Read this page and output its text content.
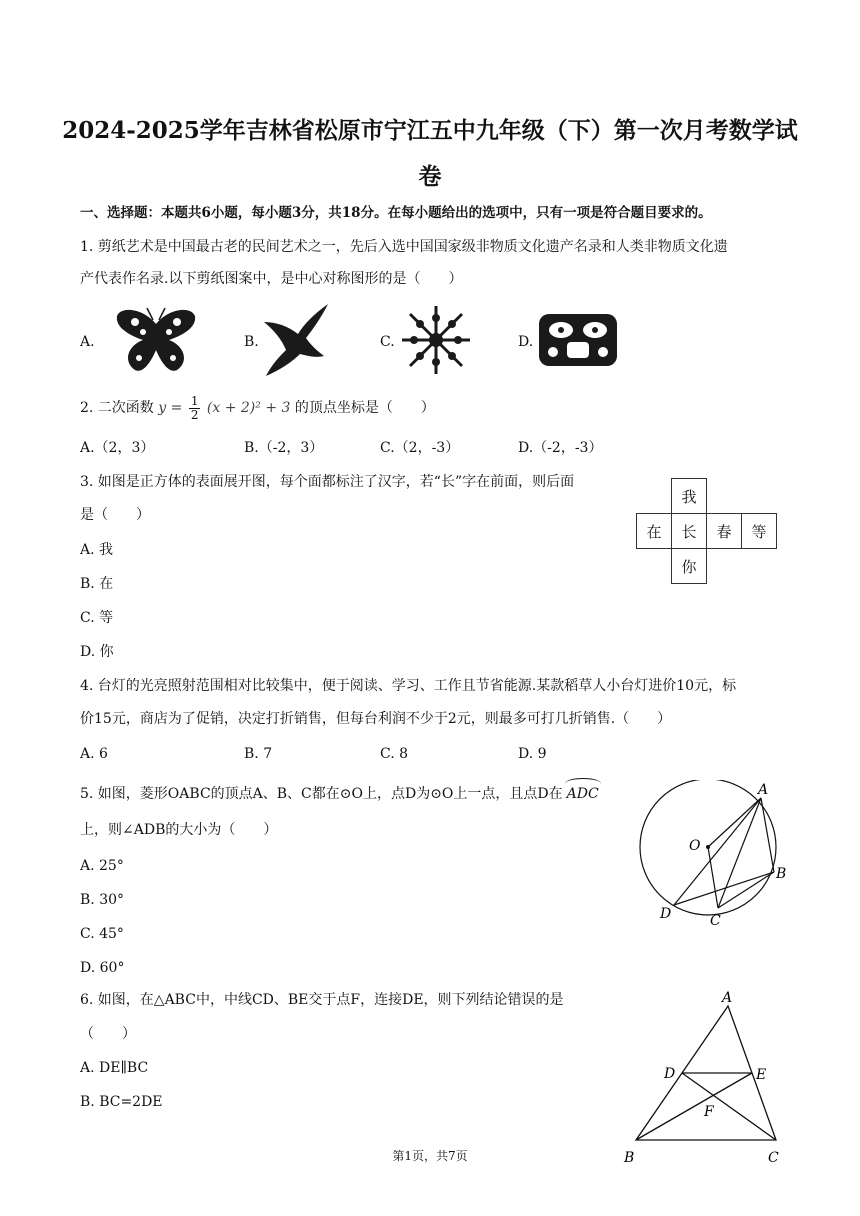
2024-2025学年吉林省松原市宁江五中九年级（下）第一次月考数学试
卷
一、选择题：本题共6小题，每小题3分，共18分。在每小题给出的选项中，只有一项是符合题目要求的。
1. 剪纸艺术是中国最古老的民间艺术之一，先后入选中国国家级非物质文化遗产名录和人类非物质文化遗
产代表作名录.以下剪纸图案中，是中心对称图形的是（　　）
A.	B.	C.	D.
2. 二次函数 $y = \frac{1}{2} (x + 2)^2 + 3$ 的顶点坐标是（　　）
A.（2，3）	B.（-2，3）	C.（2，-3）	D.（-2，-3）
3. 如图是正方体的表面展开图，每个面都标注了汉字，若“长”字在前面，则后面
是（　　）
A. 我
B. 在
C. 等
D. 你
	我		
在	长	春	等
	你		
4. 台灯的光亮照射范围相对比较集中，便于阅读、学习、工作且节省能源.某款稻草人小台灯进价10元，标
价15元，商店为了促销，决定打折销售，但每台利润不少于2元，则最多可打几折销售.（　　）
A. 6	B. 7	C. 8	D. 9
5. 如图，菱形OABC的顶点A、B、C都在⊙O上，点D为⊙O上一点，且点D在 ADC
上，则∠ADB的大小为（　　）
A. 25°
B. 30°
C. 45°
D. 60°
O
A
B
C
D
6. 如图，在△ABC中，中线CD、BE交于点F，连接DE，则下列结论错误的是
（　　）
A. DE∥BC
B. BC=2DE
A
D	E
F
B	C
第1页，共7页
